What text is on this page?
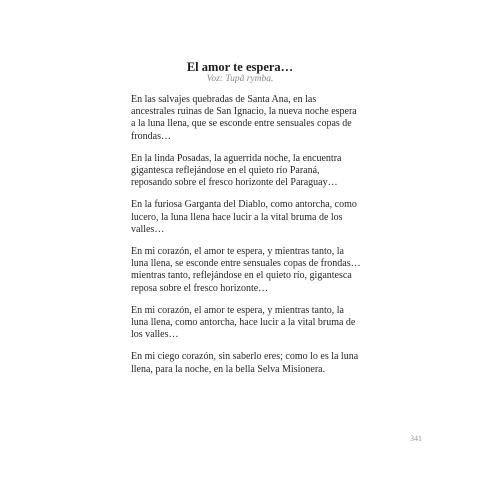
El amor te espera…
Voz: Tupã rymba.

En las salvajes quebradas de Santa Ana, en las
ancestrales ruinas de San Ignacio, la nueva noche espera
a la luna llena, que se esconde entre sensuales copas de
frondas…

En la linda Posadas, la aguerrida noche, la encuentra
gigantesca reflejándose en el quieto río Paraná,
reposando sobre el fresco horizonte del Paraguay…

En la furiosa Garganta del Diablo, como antorcha, como
lucero, la luna llena hace lucir a la vital bruma de los
valles…

En mi corazón, el amor te espera, y mientras tanto, la
luna llena, se esconde entre sensuales copas de frondas…
mientras tanto, reflejándose en el quieto río, gigantesca
reposa sobre el fresco horizonte…

En mi corazón, el amor te espera, y mientras tanto, la
luna llena, como antorcha, hace lucir a la vital bruma de
los valles…

En mi ciego corazón, sin saberlo eres; como lo es la luna
llena, para la noche, en la bella Selva Misionera.

341
